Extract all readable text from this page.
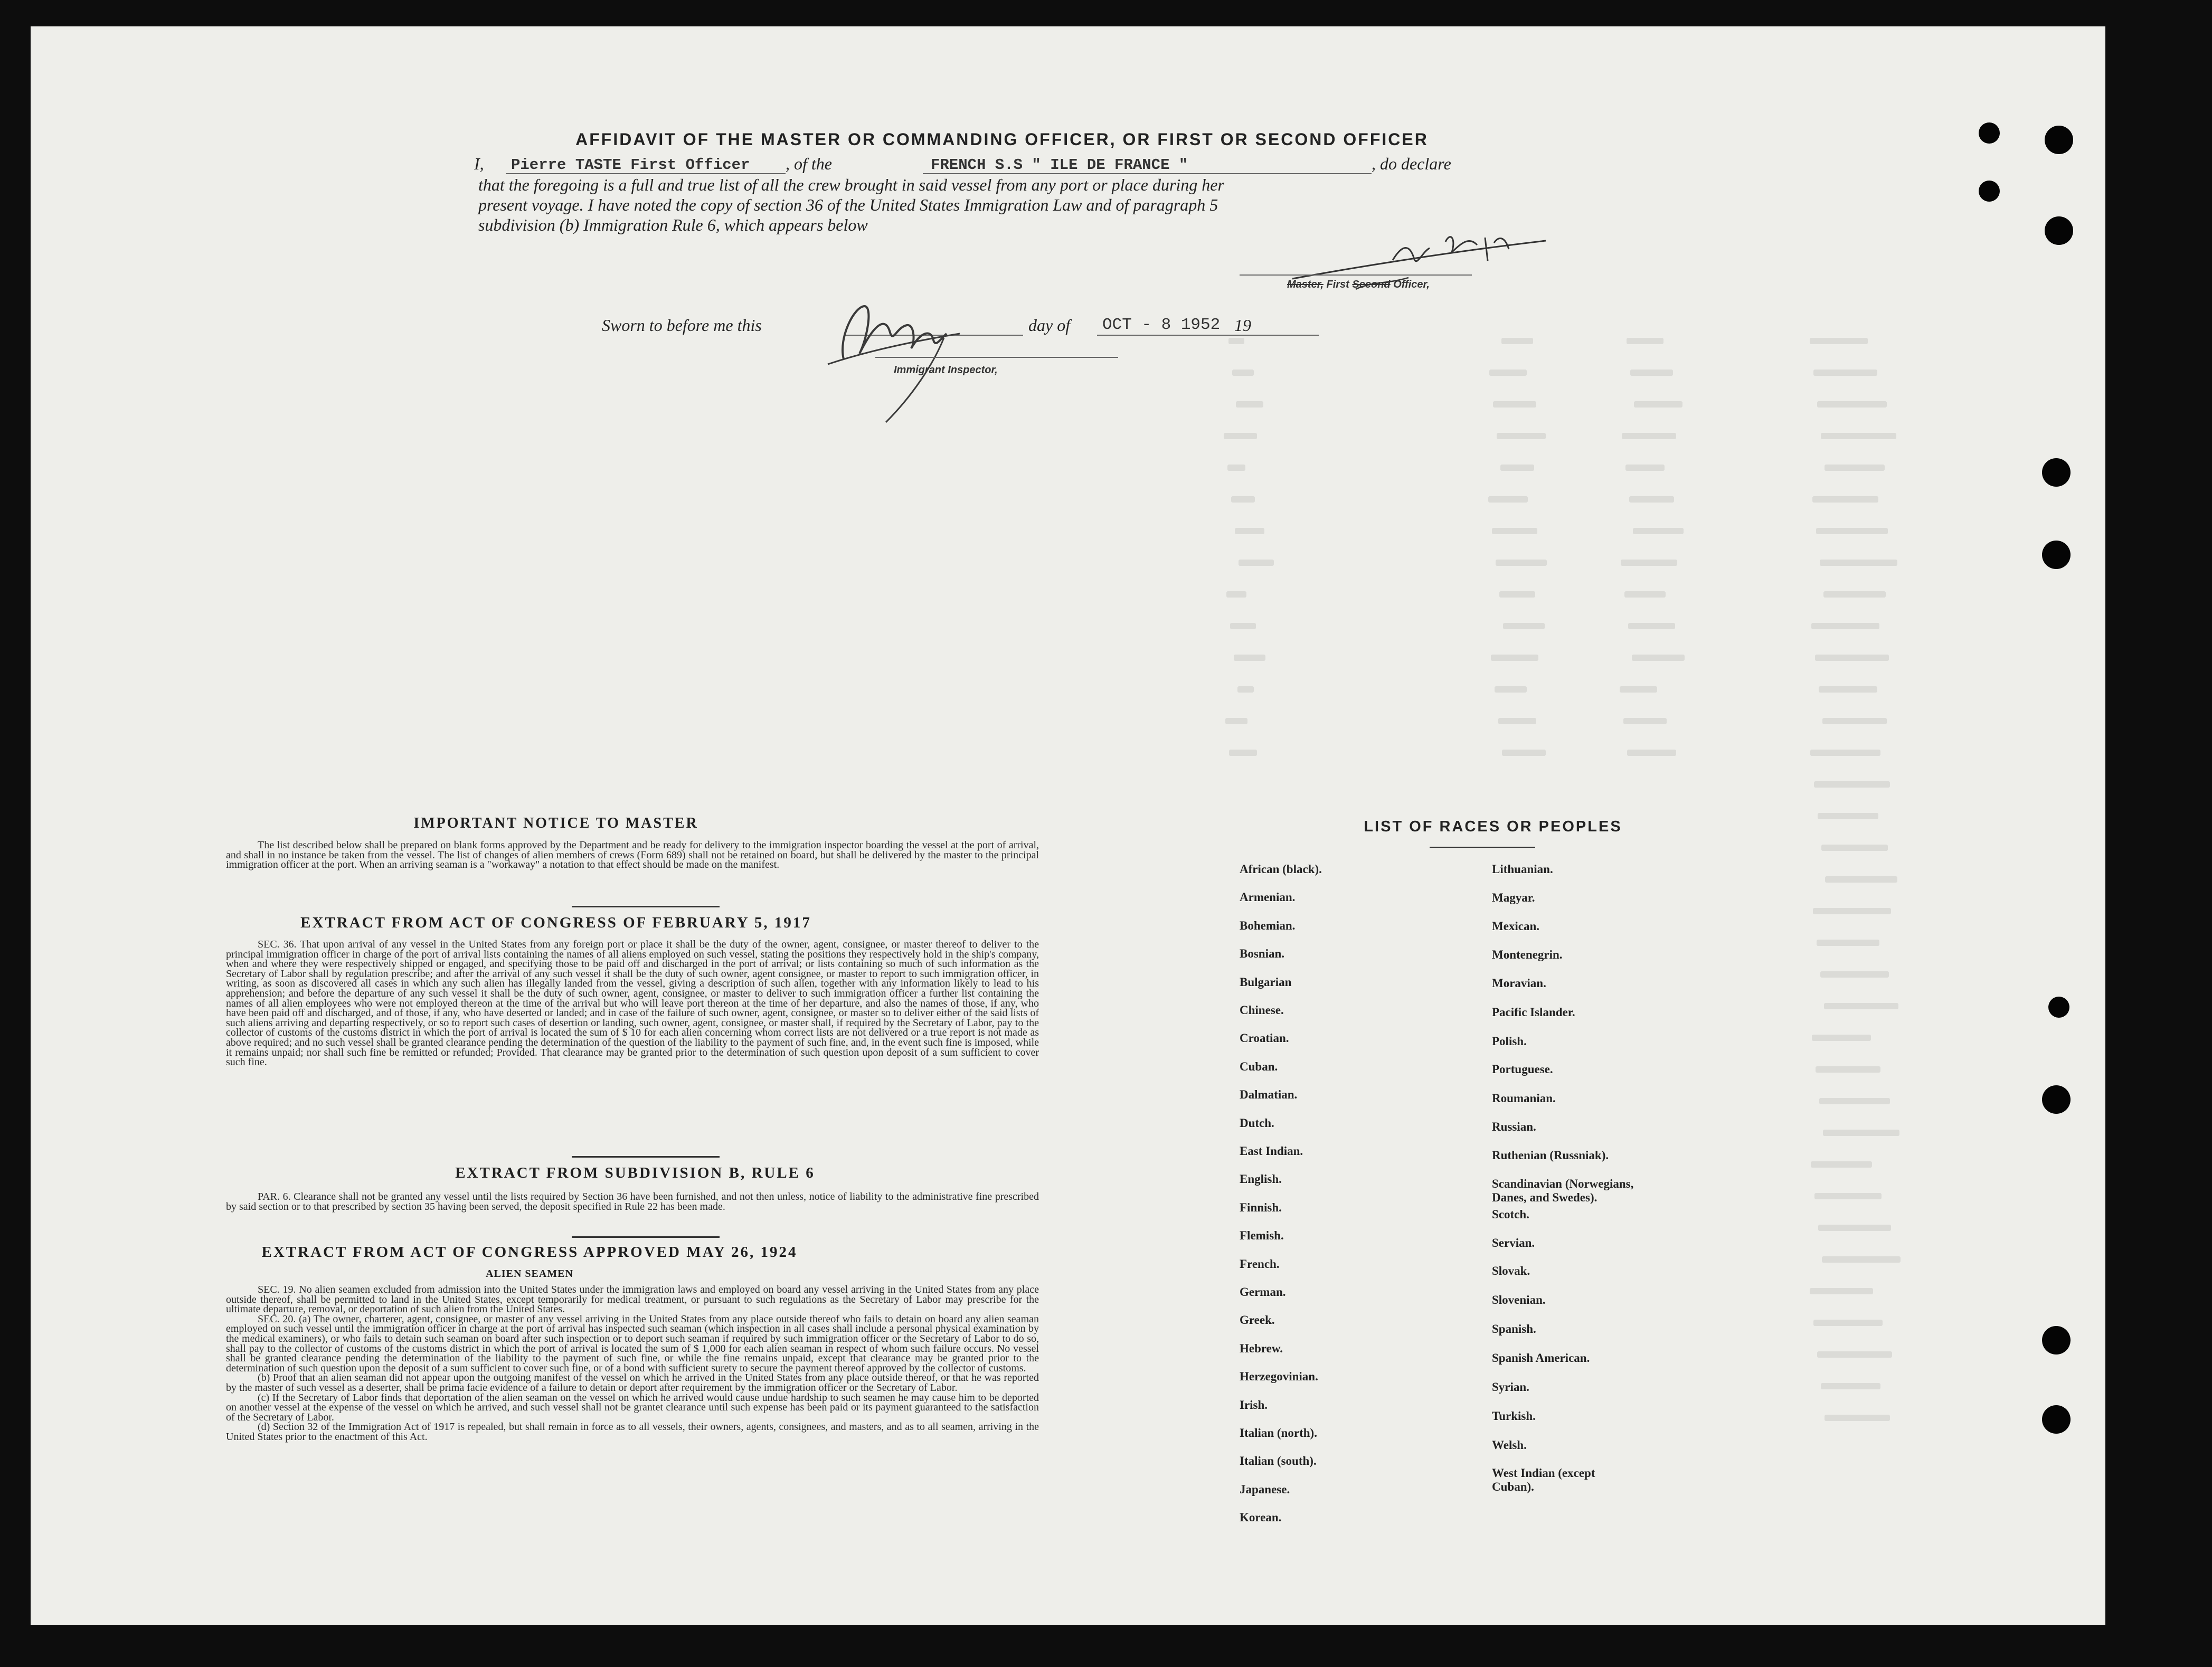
AFFIDAVIT OF THE MASTER OR COMMANDING OFFICER, OR FIRST OR SECOND OFFICER
I, Pierre TASTE First Officer , of the	FRENCH S.S " ILE DE FRANCE "	, do declare
that the foregoing is a full and true list of all the crew brought in said vessel from any port or place during her
present voyage. I have noted the copy of section 36 of the United States Immigration Law and of paragraph 5
subdivision (b) Immigration Rule 6, which appears below
Master, First Second Officer,
Sworn to before me this	day of OCT - 8 1952 19
Immigrant Inspector,
IMPORTANT NOTICE TO MASTER
The list described below shall be prepared on blank forms approved by the Department and be ready for delivery to the immigration inspector boarding the vessel at the port of arrival, and shall in no instance be taken from the vessel. The list of changes of alien members of crews (Form 689) shall not be retained on board, but shall be delivered by the master to the principal immigration officer at the port. When an arriving seaman is a "workaway" a notation to that effect should be made on the manifest.
EXTRACT FROM ACT OF CONGRESS OF FEBRUARY 5, 1917
SEC. 36. That upon arrival of any vessel in the United States from any foreign port or place it shall be the duty of the owner, agent, consignee, or master thereof to deliver to the principal immigration officer in charge of the port of arrival lists containing the names of all aliens employed on such vessel, stating the positions they respectively hold in the ship's company, when and where they were respectively shipped or engaged, and specifying those to be paid off and discharged in the port of arrival; or lists containing so much of such information as the Secretary of Labor shall by regulation prescribe; and after the arrival of any such vessel it shall be the duty of such owner, agent consignee, or master to report to such immigration officer, in writing, as soon as discovered all cases in which any such alien has illegally landed from the vessel, giving a description of such alien, together with any information likely to lead to his apprehension; and before the departure of any such vessel it shall be the duty of such owner, agent, consignee, or master to deliver to such immigration officer a further list containing the names of all alien employees who were not employed thereon at the time of the arrival but who will leave port thereon at the time of her departure, and also the names of those, if any, who have been paid off and discharged, and of those, if any, who have deserted or landed; and in case of the failure of such owner, agent, consignee, or master so to deliver either of the said lists of such aliens arriving and departing respectively, or so to report such cases of desertion or landing, such owner, agent, consignee, or master shall, if required by the Secretary of Labor, pay to the collector of customs of the customs district in which the port of arrival is located the sum of $ 10 for each alien concerning whom correct lists are not delivered or a true report is not made as above required; and no such vessel shall be granted clearance pending the determination of the question of the liability to the payment of such fine, and, in the event such fine is imposed, while it remains unpaid; nor shall such fine be remitted or refunded; Provided. That clearance may be granted prior to the determination of such question upon deposit of a sum sufficient to cover such fine.
EXTRACT FROM SUBDIVISION B, RULE 6
PAR. 6. Clearance shall not be granted any vessel until the lists required by Section 36 have been furnished, and not then unless, notice of liability to the administrative fine prescribed by said section or to that prescribed by section 35 having been served, the deposit specified in Rule 22 has been made.
EXTRACT FROM ACT OF CONGRESS APPROVED MAY 26, 1924
ALIEN SEAMEN

SEC. 19. No alien seamen excluded from admission into the United States under the immigration laws and employed on board any vessel arriving in the United States from any place outside thereof, shall be permitted to land in the United States, except temporarily for medical treatment, or pursuant to such regulations as the Secretary of Labor may prescribe for the ultimate departure, removal, or deportation of such alien from the United States.

SEC. 20. (a) The owner, charterer, agent, consignee, or master of any vessel arriving in the United States from any place outside thereof who fails to detain on board any alien seaman employed on such vessel until the immigration officer in charge at the port of arrival has inspected such seaman (which inspection in all cases shall include a personal physical examination by the medical examiners), or who fails to detain such seaman on board after such inspection or to deport such seaman if required by such immigration officer or the Secretary of Labor to do so, shall pay to the collector of customs of the customs district in which the port of arrival is located the sum of $ 1,000 for each alien seaman in respect of whom such failure occurs. No vessel shall be granted clearance pending the determination of the liability to the payment of such fine, or while the fine remains unpaid, except that clearance may be granted prior to the determination of such question upon the deposit of a sum sufficient to cover such fine, or of a bond with sufficient surety to secure the payment thereof approved by the collector of customs.

(b) Proof that an alien seaman did not appear upon the outgoing manifest of the vessel on which he arrived in the United States from any place outside thereof, or that he was reported by the master of such vessel as a deserter, shall be prima facie evidence of a failure to detain or deport after requirement by the immigration officer or the Secretary of Labor.

(c) If the Secretary of Labor finds that deportation of the alien seaman on the vessel on which he arrived would cause undue hardship to such seamen he may cause him to be deported on another vessel at the expense of the vessel on which he arrived, and such vessel shall not be grantet clearance until such expense has been paid or its payment guaranteed to the satisfaction of the Secretary of Labor.

(d) Section 32 of the Immigration Act of 1917 is repealed, but shall remain in force as to all vessels, their owners, agents, consignees, and masters, and as to all seamen, arriving in the United States prior to the enactment of this Act.

LIST OF RACES OR PEOPLES
African (black).
Armenian.
Bohemian.
Bosnian.
Bulgarian
Chinese.
Croatian.
Cuban.
Dalmatian.
Dutch.
East Indian.
English.
Finnish.
Flemish.
French.
German.
Greek.
Hebrew.
Herzegovinian.
Irish.
Italian (north).
Italian (south).
Japanese.
Korean.
Lithuanian.
Magyar.
Mexican.
Montenegrin.
Moravian.
Pacific Islander.
Polish.
Portuguese.
Roumanian.
Russian.
Ruthenian (Russniak).
Scandinavian (Norwegians, Danes, and Swedes).
Scotch.
Servian.
Slovak.
Slovenian.
Spanish.
Spanish American.
Syrian.
Turkish.
Welsh.
West Indian (except Cuban).
